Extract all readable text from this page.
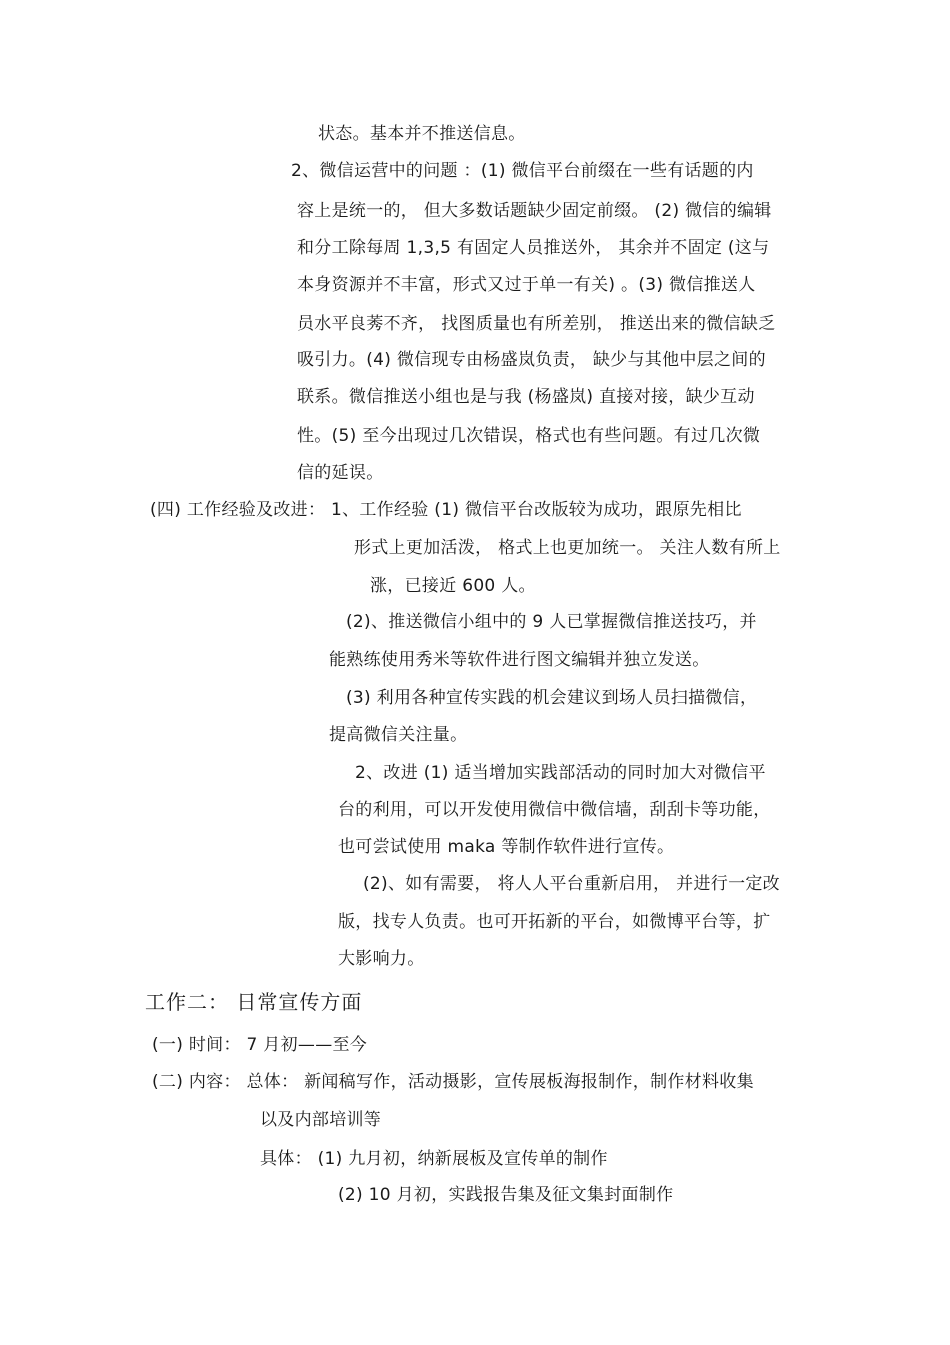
状态。基本并不推送信息。
2、微信运营中的问题 ：(1) 微信平台前缀在一些有话题的内
容上是统一的， 但大多数话题缺少固定前缀。 (2) 微信的编辑
和分工除每周 1,3,5 有固定人员推送外， 其余并不固定 (这与
本身资源并不丰富，形式又过于单一有关) 。(3) 微信推送人
员水平良莠不齐， 找图质量也有所差别， 推送出来的微信缺乏
吸引力。(4) 微信现专由杨盛岚负责， 缺少与其他中层之间的
联系。微信推送小组也是与我 (杨盛岚) 直接对接，缺少互动
性。(5) 至今出现过几次错误，格式也有些问题。有过几次微
信的延误。
(四) 工作经验及改进： 1、工作经验 (1) 微信平台改版较为成功，跟原先相比
形式上更加活泼， 格式上也更加统一。 关注人数有所上
涨，已接近 600 人。
(2)、推送微信小组中的 9 人已掌握微信推送技巧，并
能熟练使用秀米等软件进行图文编辑并独立发送。
(3) 利用各种宣传实践的机会建议到场人员扫描微信，
提高微信关注量。
2、改进 (1) 适当增加实践部活动的同时加大对微信平
台的利用，可以开发使用微信中微信墙，刮刮卡等功能，
也可尝试使用 maka 等制作软件进行宣传。
(2)、如有需要， 将人人平台重新启用， 并进行一定改
版，找专人负责。也可开拓新的平台，如微博平台等，扩
大影响力。
工作二： 日常宣传方面
(一) 时间： 7 月初——至今
(二) 内容： 总体： 新闻稿写作，活动摄影，宣传展板海报制作，制作材料收集
以及内部培训等
具体： (1) 九月初，纳新展板及宣传单的制作
(2) 10 月初，实践报告集及征文集封面制作
